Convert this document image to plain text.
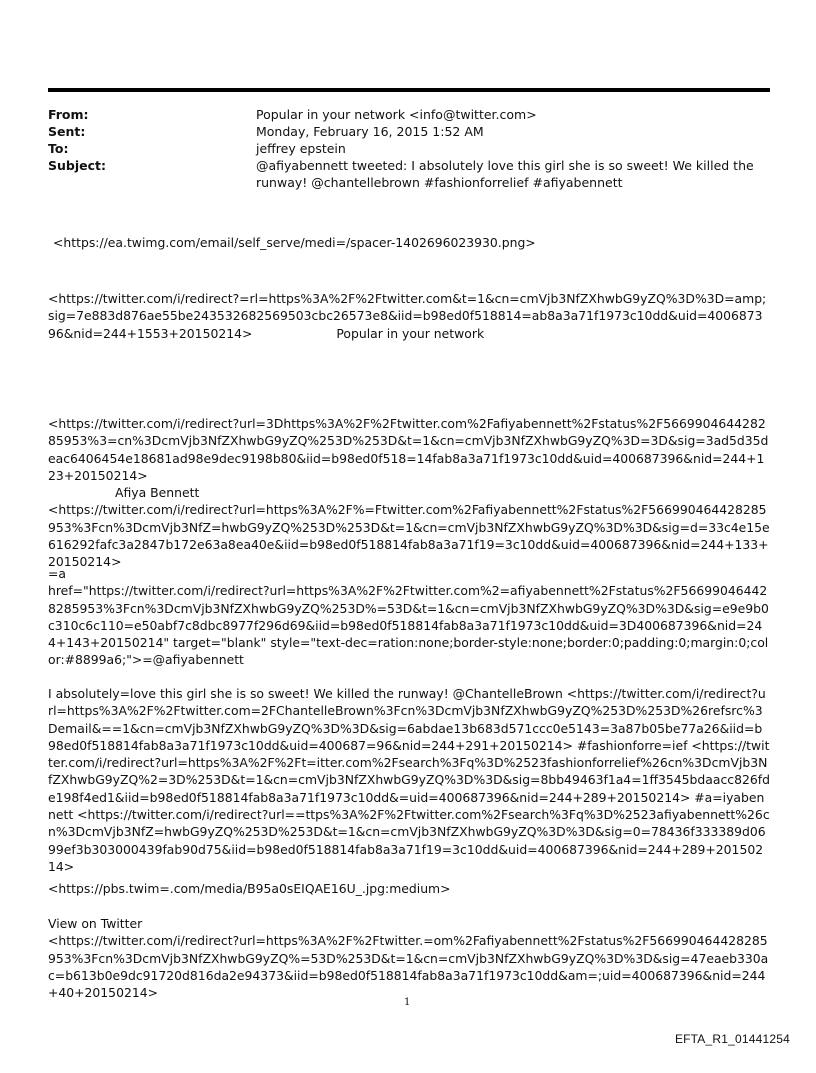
From:	Popular in your network <info@twitter.com>
Sent:	Monday, February 16, 2015 1:52 AM
To:	jeffrey epstein
Subject:	@afiyabennett tweeted: I absolutely love this girl she is so sweet! We killed the runway! @chantellebrown #fashionforrelief #afiyabennett
<https://ea.twimg.com/email/self_serve/medi=/spacer-1402696023930.png>
<https://twitter.com/i/redirect?=rl=https%3A%2F%2Ftwitter.com&t=1&cn=cmVjb3NfZXhwbG9yZQ%3D%3D=amp;sig=7e883d876ae55be243532682569503cbc26573e8&iid=b98ed0f518814=ab8a3a71f1973c10dd&uid=400687396&nid=244+1553+20150214>	Popular in your network
<https://twitter.com/i/redirect?url=3Dhttps%3A%2F%2Ftwitter.com%2Fafiyabennett%2Fstatus%2F566990464428285953%3=cn%3DcmVjb3NfZXhwbG9yZQ%253D%253D&t=1&cn=cmVjb3NfZXhwbG9yZQ%3D=3D&sig=3ad5d35deac6406454e18681ad98e9dec9198b80&iid=b98ed0f518=14fab8a3a71f1973c10dd&uid=400687396&nid=244+123+20150214>
Afiya Bennett
<https://twitter.com/i/redirect?url=https%3A%2F%=Ftwitter.com%2Fafiyabennett%2Fstatus%2F566990464428285953%3Fcn%3DcmVjb3NfZ=hwbG9yZQ%253D%253D&t=1&cn=cmVjb3NfZXhwbG9yZQ%3D%3D&sig=d=33c4e15e616292fafc3a2847b172e63a8ea40e&iid=b98ed0f518814fab8a3a71f19=3c10dd&uid=400687396&nid=244+133+20150214>
=a
href="https://twitter.com/i/redirect?url=https%3A%2F%2Ftwitter.com%2=afiyabennett%2Fstatus%2F566990464428285953%3Fcn%3DcmVjb3NfZXhwbG9yZQ%253D%=53D&t=1&cn=cmVjb3NfZXhwbG9yZQ%3D%3D&sig=e9e9b0c310c6c110=e50abf7c8dbc8977f296d69&iid=b98ed0f518814fab8a3a71f1973c10dd&uid=3D400687396&nid=244+143+20150214" target="blank" style="text-dec=ration:none;border-style:none;border:0;padding:0;margin:0;color:#8899a6;">=@afiyabennett
I absolutely=love this girl she is so sweet! We killed the runway! @ChantelleBrown <https://twitter.com/i/redirect?url=https%3A%2F%2Ftwitter.com=2FChantelleBrown%3Fcn%3DcmVjb3NfZXhwbG9yZQ%253D%253D%26refsrc%3Demail&==1&cn=cmVjb3NfZXhwbG9yZQ%3D%3D&sig=6abdae13b683d571ccc0e5143=3a87b05be77a26&iid=b98ed0f518814fab8a3a71f1973c10dd&uid=400687=96&nid=244+291+20150214> #fashionforre=ief <https://twitter.com/i/redirect?url=https%3A%2F%2Ft=itter.com%2Fsearch%3Fq%3D%2523fashionforrelief%26cn%3DcmVjb3NfZXhwbG9yZQ%2=3D%253D&t=1&cn=cmVjb3NfZXhwbG9yZQ%3D%3D&sig=8bb49463f1a4=1ff3545bdaacc826fde198f4ed1&iid=b98ed0f518814fab8a3a71f1973c10dd&=uid=400687396&nid=244+289+20150214> #a=iyabennett <https://twitter.com/i/redirect?url==ttps%3A%2F%2Ftwitter.com%2Fsearch%3Fq%3D%2523afiyabennett%26cn%3DcmVjb3NfZ=hwbG9yZQ%253D%253D&t=1&cn=cmVjb3NfZXhwbG9yZQ%3D%3D&sig=0=78436f333389d0699ef3b303000439fab90d75&iid=b98ed0f518814fab8a3a71f19=3c10dd&uid=400687396&nid=244+289+20150214>
<https://pbs.twim=.com/media/B95a0sEIQAE16U_.jpg:medium>
View on Twitter
<https://twitter.com/i/redirect?url=https%3A%2F%2Ftwitter.=om%2Fafiyabennett%2Fstatus%2F566990464428285953%3Fcn%3DcmVjb3NfZXhwbG9yZQ%=53D%253D&t=1&cn=cmVjb3NfZXhwbG9yZQ%3D%3D&sig=47eaeb330ac=b613b0e9dc91720d816da2e94373&iid=b98ed0f518814fab8a3a71f1973c10dd&am=;uid=400687396&nid=244+40+20150214>
1
EFTA_R1_01441254
